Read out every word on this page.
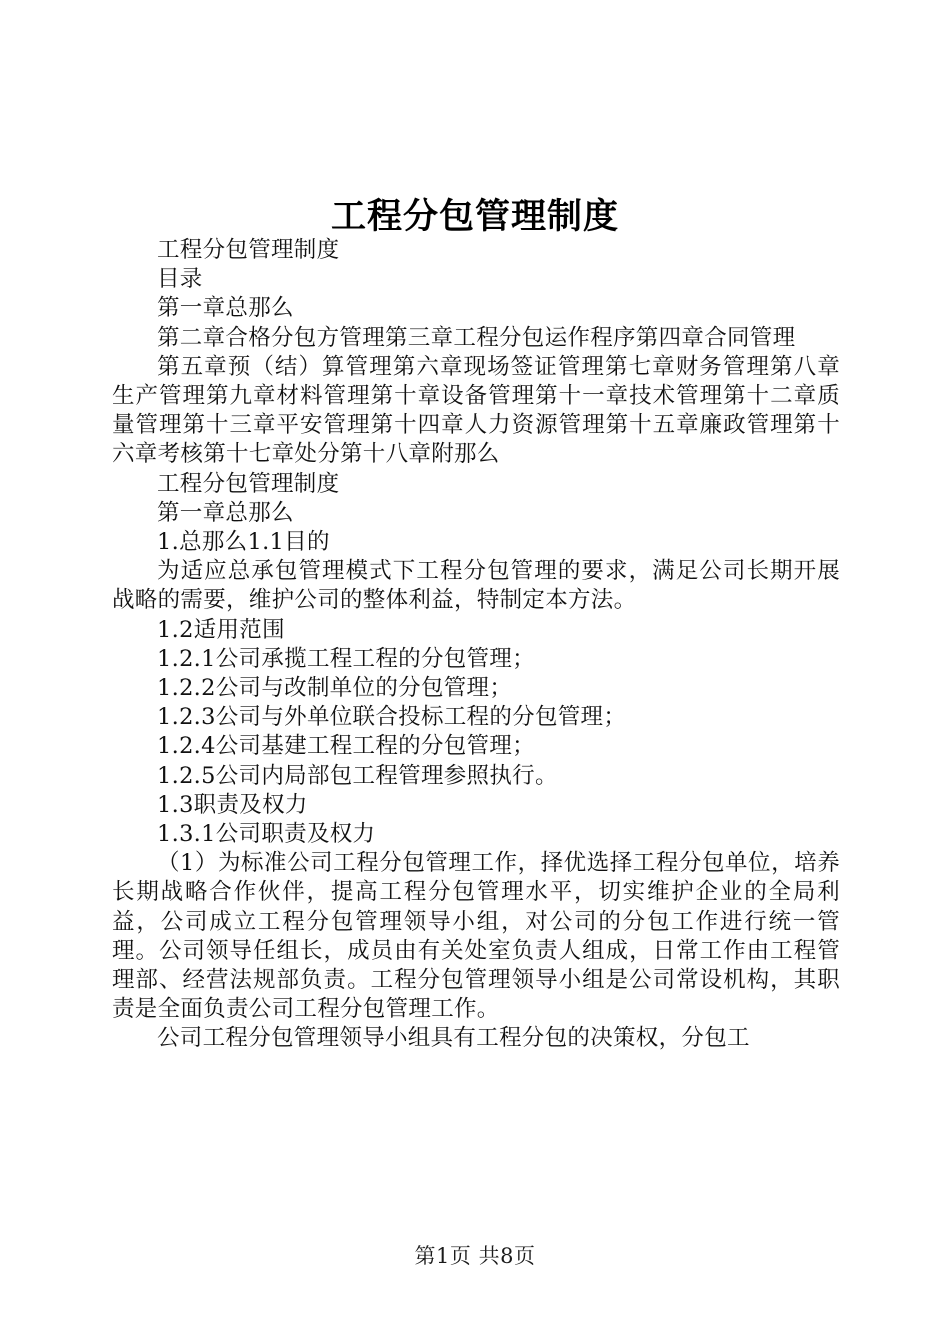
工程分包管理制度

工程分包管理制度

目录

第一章总那么

第二章合格分包方管理第三章工程分包运作程序第四章合同管理

第五章预（结）算管理第六章现场签证管理第七章财务管理第八章生产管理第九章材料管理第十章设备管理第十一章技术管理第十二章质量管理第十三章平安管理第十四章人力资源管理第十五章廉政管理第十六章考核第十七章处分第十八章附那么

工程分包管理制度

第一章总那么

1.总那么1.1目的

为适应总承包管理模式下工程分包管理的要求，满足公司长期开展战略的需要，维护公司的整体利益，特制定本方法。

1.2适用范围

1.2.1公司承揽工程工程的分包管理；

1.2.2公司与改制单位的分包管理；

1.2.3公司与外单位联合投标工程的分包管理；

1.2.4公司基建工程工程的分包管理；

1.2.5公司内局部包工程管理参照执行。

1.3职责及权力

1.3.1公司职责及权力

（1）为标准公司工程分包管理工作，择优选择工程分包单位，培养长期战略合作伙伴，提高工程分包管理水平，切实维护企业的全局利益，公司成立工程分包管理领导小组，对公司的分包工作进行统一管理。公司领导任组长，成员由有关处室负责人组成，日常工作由工程管理部、经营法规部负责。工程分包管理领导小组是公司常设机构，其职责是全面负责公司工程分包管理工作。

公司工程分包管理领导小组具有工程分包的决策权，分包工

第1页 共8页
